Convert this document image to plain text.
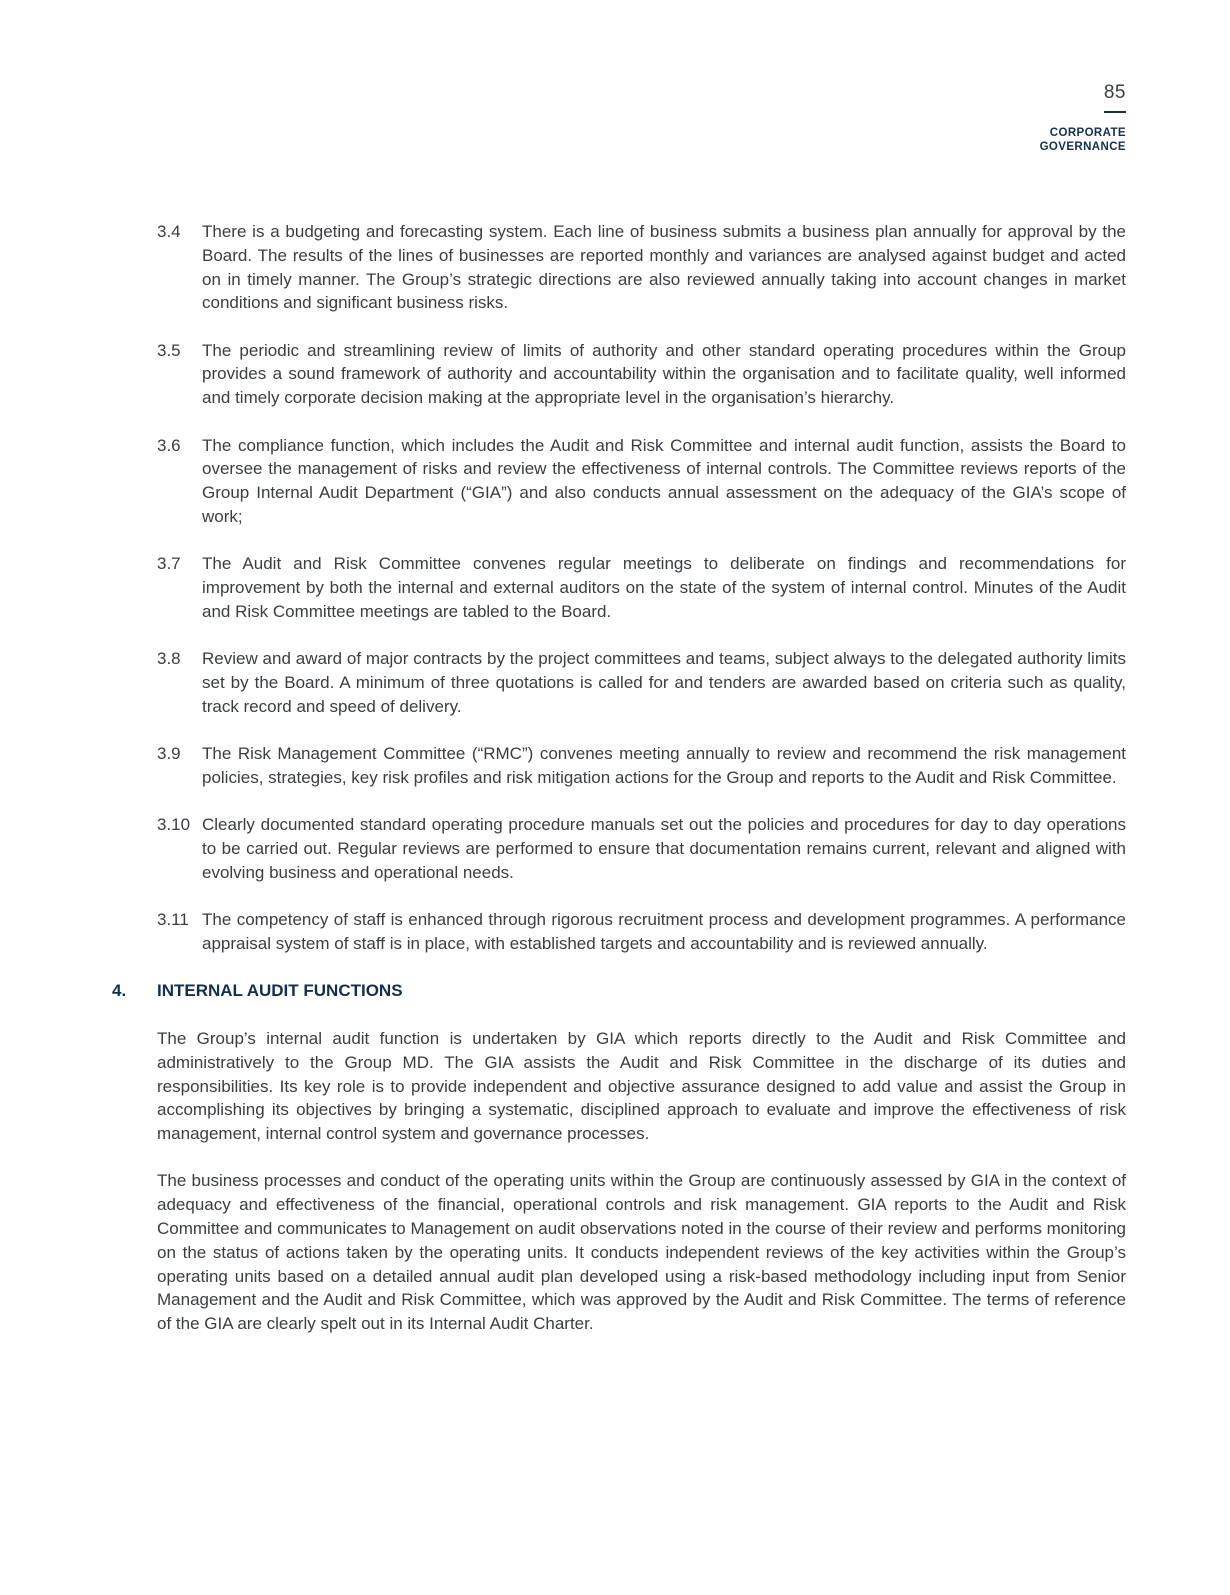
85
CORPORATE
GOVERNANCE
3.4	There is a budgeting and forecasting system. Each line of business submits a business plan annually for approval by the Board. The results of the lines of businesses are reported monthly and variances are analysed against budget and acted on in timely manner. The Group’s strategic directions are also reviewed annually taking into account changes in market conditions and significant business risks.
3.5	The periodic and streamlining review of limits of authority and other standard operating procedures within the Group provides a sound framework of authority and accountability within the organisation and to facilitate quality, well informed and timely corporate decision making at the appropriate level in the organisation’s hierarchy.
3.6	The compliance function, which includes the Audit and Risk Committee and internal audit function, assists the Board to oversee the management of risks and review the effectiveness of internal controls. The Committee reviews reports of the Group Internal Audit Department (“GIA”) and also conducts annual assessment on the adequacy of the GIA’s scope of work;
3.7	The Audit and Risk Committee convenes regular meetings to deliberate on findings and recommendations for improvement by both the internal and external auditors on the state of the system of internal control. Minutes of the Audit and Risk Committee meetings are tabled to the Board.
3.8	Review and award of major contracts by the project committees and teams, subject always to the delegated authority limits set by the Board. A minimum of three quotations is called for and tenders are awarded based on criteria such as quality, track record and speed of delivery.
3.9	The Risk Management Committee (“RMC”) convenes meeting annually to review and recommend the risk management policies, strategies, key risk profiles and risk mitigation actions for the Group and reports to the Audit and Risk Committee.
3.10 Clearly documented standard operating procedure manuals set out the policies and procedures for day to day operations to be carried out. Regular reviews are performed to ensure that documentation remains current, relevant and aligned with evolving business and operational needs.
3.11 The competency of staff is enhanced through rigorous recruitment process and development programmes. A performance appraisal system of staff is in place, with established targets and accountability and is reviewed annually.
4. INTERNAL AUDIT FUNCTIONS
The Group’s internal audit function is undertaken by GIA which reports directly to the Audit and Risk Committee and administratively to the Group MD. The GIA assists the Audit and Risk Committee in the discharge of its duties and responsibilities. Its key role is to provide independent and objective assurance designed to add value and assist the Group in accomplishing its objectives by bringing a systematic, disciplined approach to evaluate and improve the effectiveness of risk management, internal control system and governance processes.
The business processes and conduct of the operating units within the Group are continuously assessed by GIA in the context of adequacy and effectiveness of the financial, operational controls and risk management. GIA reports to the Audit and Risk Committee and communicates to Management on audit observations noted in the course of their review and performs monitoring on the status of actions taken by the operating units. It conducts independent reviews of the key activities within the Group’s operating units based on a detailed annual audit plan developed using a risk-based methodology including input from Senior Management and the Audit and Risk Committee, which was approved by the Audit and Risk Committee. The terms of reference of the GIA are clearly spelt out in its Internal Audit Charter.
